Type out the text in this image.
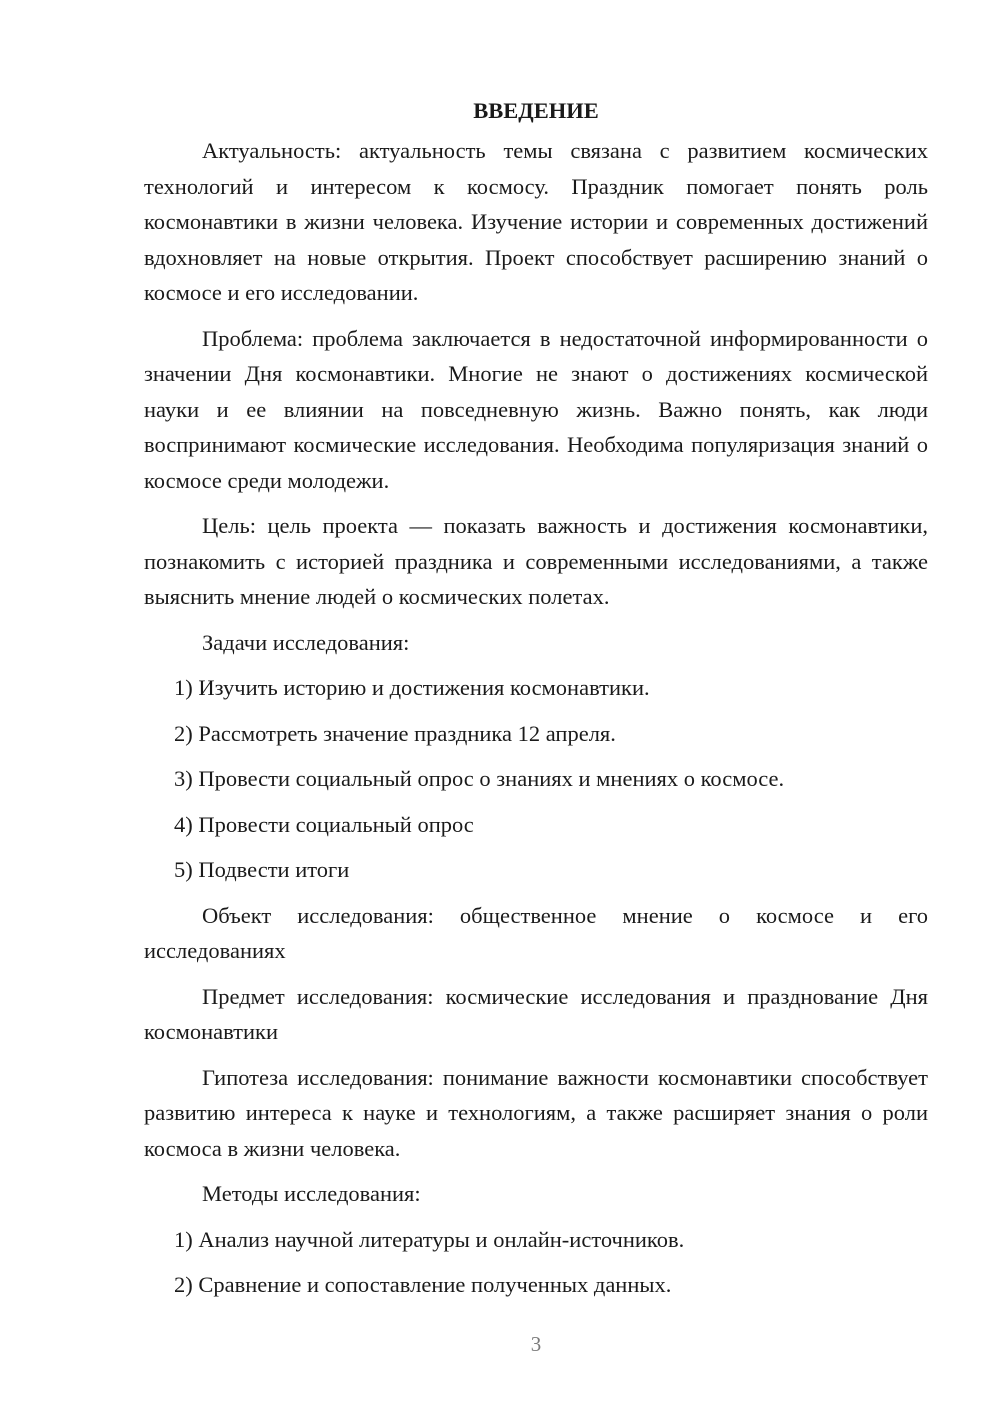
ВВЕДЕНИЕ

Актуальность: актуальность темы связана с развитием космических технологий и интересом к космосу. Праздник помогает понять роль космонавтики в жизни человека. Изучение истории и современных достижений вдохновляет на новые открытия. Проект способствует расширению знаний о космосе и его исследовании.

Проблема: проблема заключается в недостаточной информированности о значении Дня космонавтики. Многие не знают о достижениях космической науки и ее влиянии на повседневную жизнь. Важно понять, как люди воспринимают космические исследования. Необходима популяризация знаний о космосе среди молодежи.

Цель: цель проекта — показать важность и достижения космонавтики, познакомить с историей праздника и современными исследованиями, а также выяснить мнение людей о космических полетах.

Задачи исследования:

1) Изучить историю и достижения космонавтики.
2) Рассмотреть значение праздника 12 апреля.
3) Провести социальный опрос о знаниях и мнениях о космосе.
4) Провести социальный опрос
5) Подвести итоги

Объект исследования: общественное мнение о космосе и его исследованиях

Предмет исследования: космические исследования и празднование Дня космонавтики

Гипотеза исследования: понимание важности космонавтики способствует развитию интереса к науке и технологиям, а также расширяет знания о роли космоса в жизни человека.

Методы исследования:

1) Анализ научной литературы и онлайн-источников.
2) Сравнение и сопоставление полученных данных.
3
